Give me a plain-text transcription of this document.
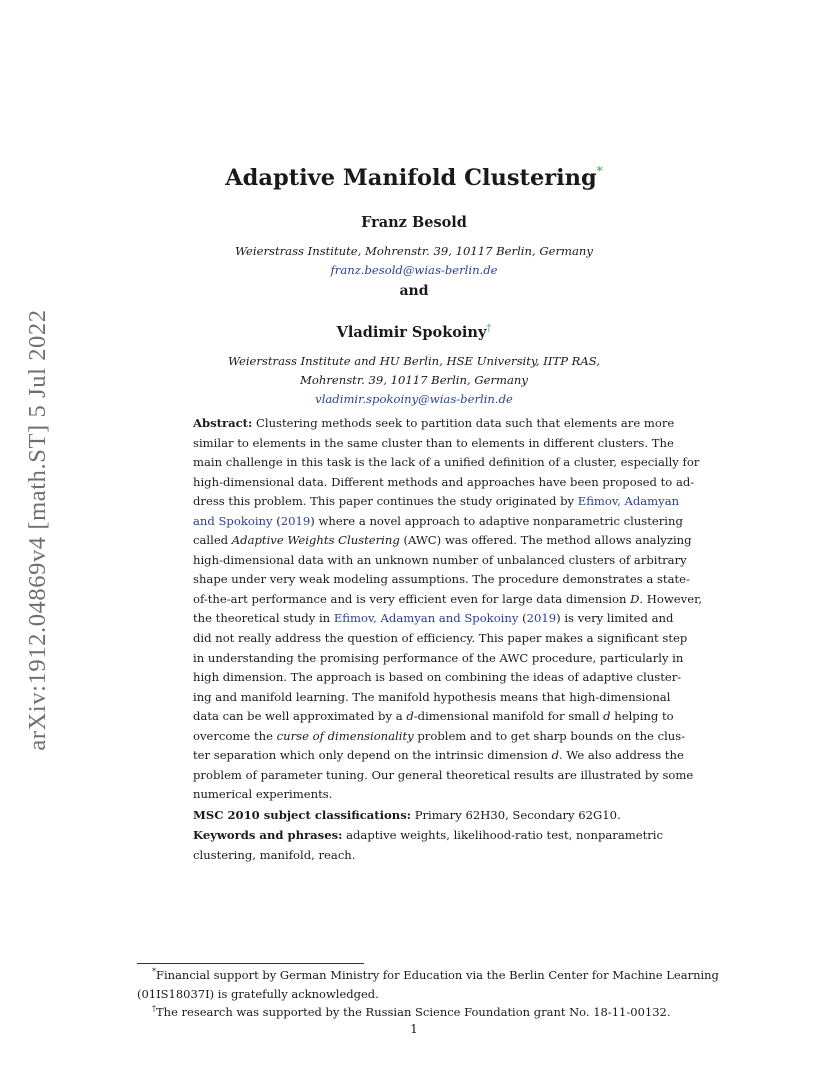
arXiv:1912.04869v4 [math.ST] 5 Jul 2022
Adaptive Manifold Clustering*
Franz Besold
Weierstrass Institute, Mohrenstr. 39, 10117 Berlin, Germany
franz.besold@wias-berlin.de
and
Vladimir Spokoiny†
Weierstrass Institute and HU Berlin, HSE University, IITP RAS,
Mohrenstr. 39, 10117 Berlin, Germany
vladimir.spokoiny@wias-berlin.de
Abstract: Clustering methods seek to partition data such that elements are more
similar to elements in the same cluster than to elements in different clusters. The
main challenge in this task is the lack of a unified definition of a cluster, especially for
high-dimensional data. Different methods and approaches have been proposed to ad-
dress this problem. This paper continues the study originated by Efimov, Adamyan
and Spokoiny (2019) where a novel approach to adaptive nonparametric clustering
called Adaptive Weights Clustering (AWC) was offered. The method allows analyzing
high-dimensional data with an unknown number of unbalanced clusters of arbitrary
shape under very weak modeling assumptions. The procedure demonstrates a state-
of-the-art performance and is very efficient even for large data dimension D. However,
the theoretical study in Efimov, Adamyan and Spokoiny (2019) is very limited and
did not really address the question of efficiency. This paper makes a significant step
in understanding the promising performance of the AWC procedure, particularly in
high dimension. The approach is based on combining the ideas of adaptive cluster-
ing and manifold learning. The manifold hypothesis means that high-dimensional
data can be well approximated by a d-dimensional manifold for small d helping to
overcome the curse of dimensionality problem and to get sharp bounds on the clus-
ter separation which only depend on the intrinsic dimension d. We also address the
problem of parameter tuning. Our general theoretical results are illustrated by some
numerical experiments.
MSC 2010 subject classifications: Primary 62H30, Secondary 62G10.
Keywords and phrases: adaptive weights, likelihood-ratio test, nonparametric
clustering, manifold, reach.
*Financial support by German Ministry for Education via the Berlin Center for Machine Learning
(01IS18037I) is gratefully acknowledged.
†The research was supported by the Russian Science Foundation grant No. 18-11-00132.
1
